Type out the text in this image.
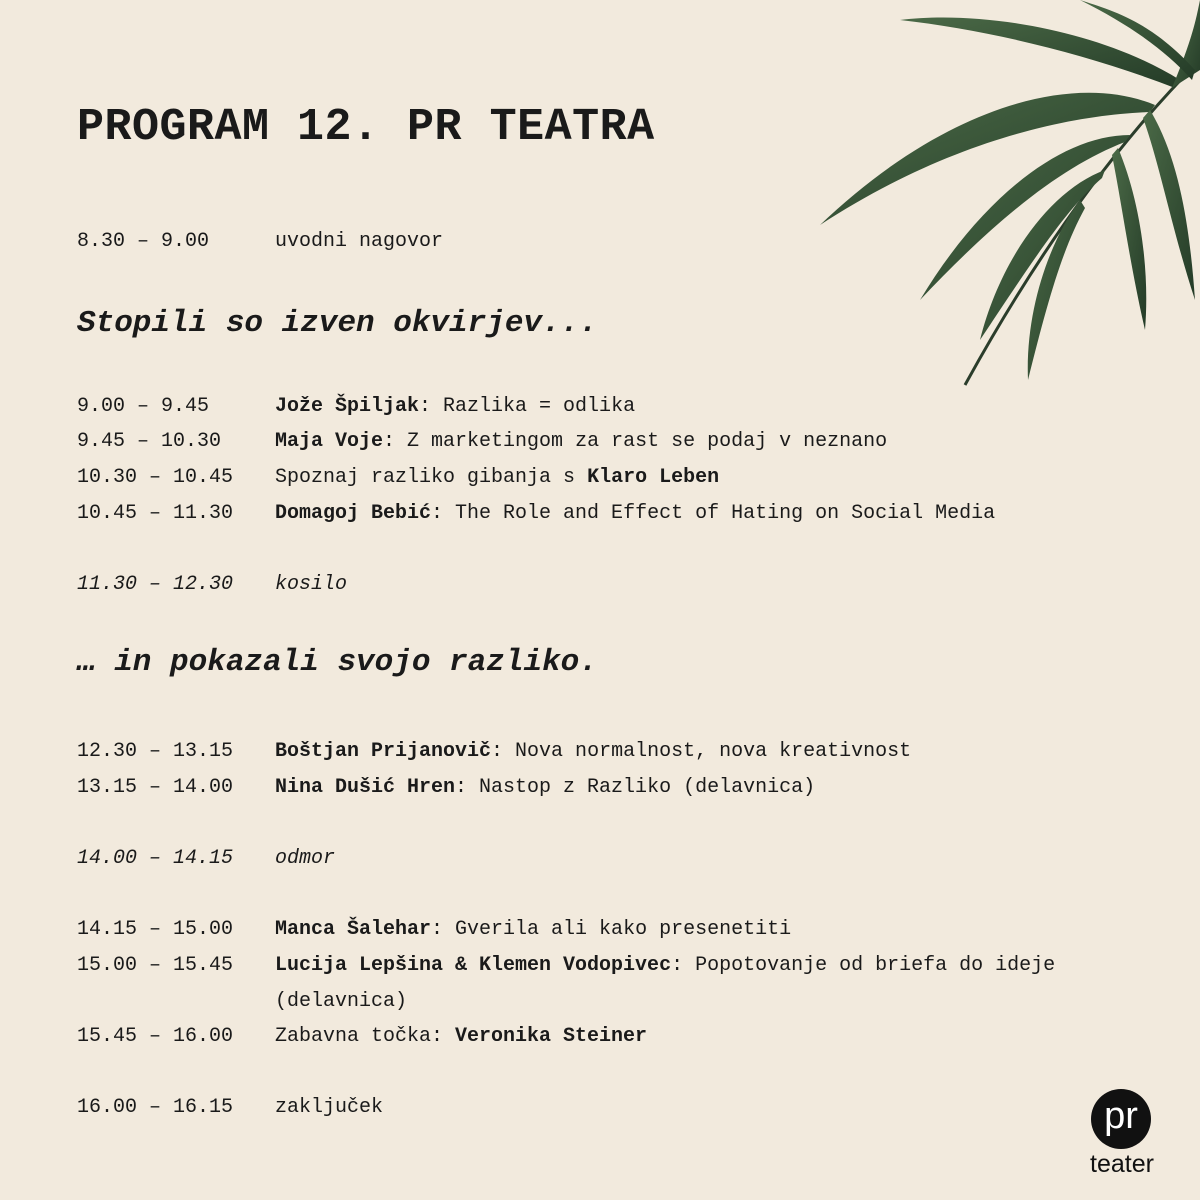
PROGRAM 12. PR TEATRA
8.30 – 9.00	uvodni nagovor
Stopili so izven okvirjev...
9.00 – 9.45	Jože Špiljak: Razlika = odlika
9.45 – 10.30	Maja Voje: Z marketingom za rast se podaj v neznano
10.30 – 10.45 Spoznaj razliko gibanja s Klaro Leben
10.45 – 11.30 Domagoj Bebić: The Role and Effect of Hating on Social Media
11.30 – 12.30 kosilo
… in pokazali svojo razliko.
12.30 – 13.15 Boštjan Prijanovič: Nova normalnost, nova kreativnost
13.15 – 14.00 Nina Dušić Hren: Nastop z Razliko (delavnica)
14.00 – 14.15 odmor
14.15 – 15.00 Manca Šalehar: Gverila ali kako presenetiti
15.00 – 15.45 Lucija Lepšina & Klemen Vodopivec: Popotovanje od briefa do ideje (delavnica)
15.45 – 16.00 Zabavna točka: Veronika Steiner
16.00 – 16.15 zaključek	pr
teater
